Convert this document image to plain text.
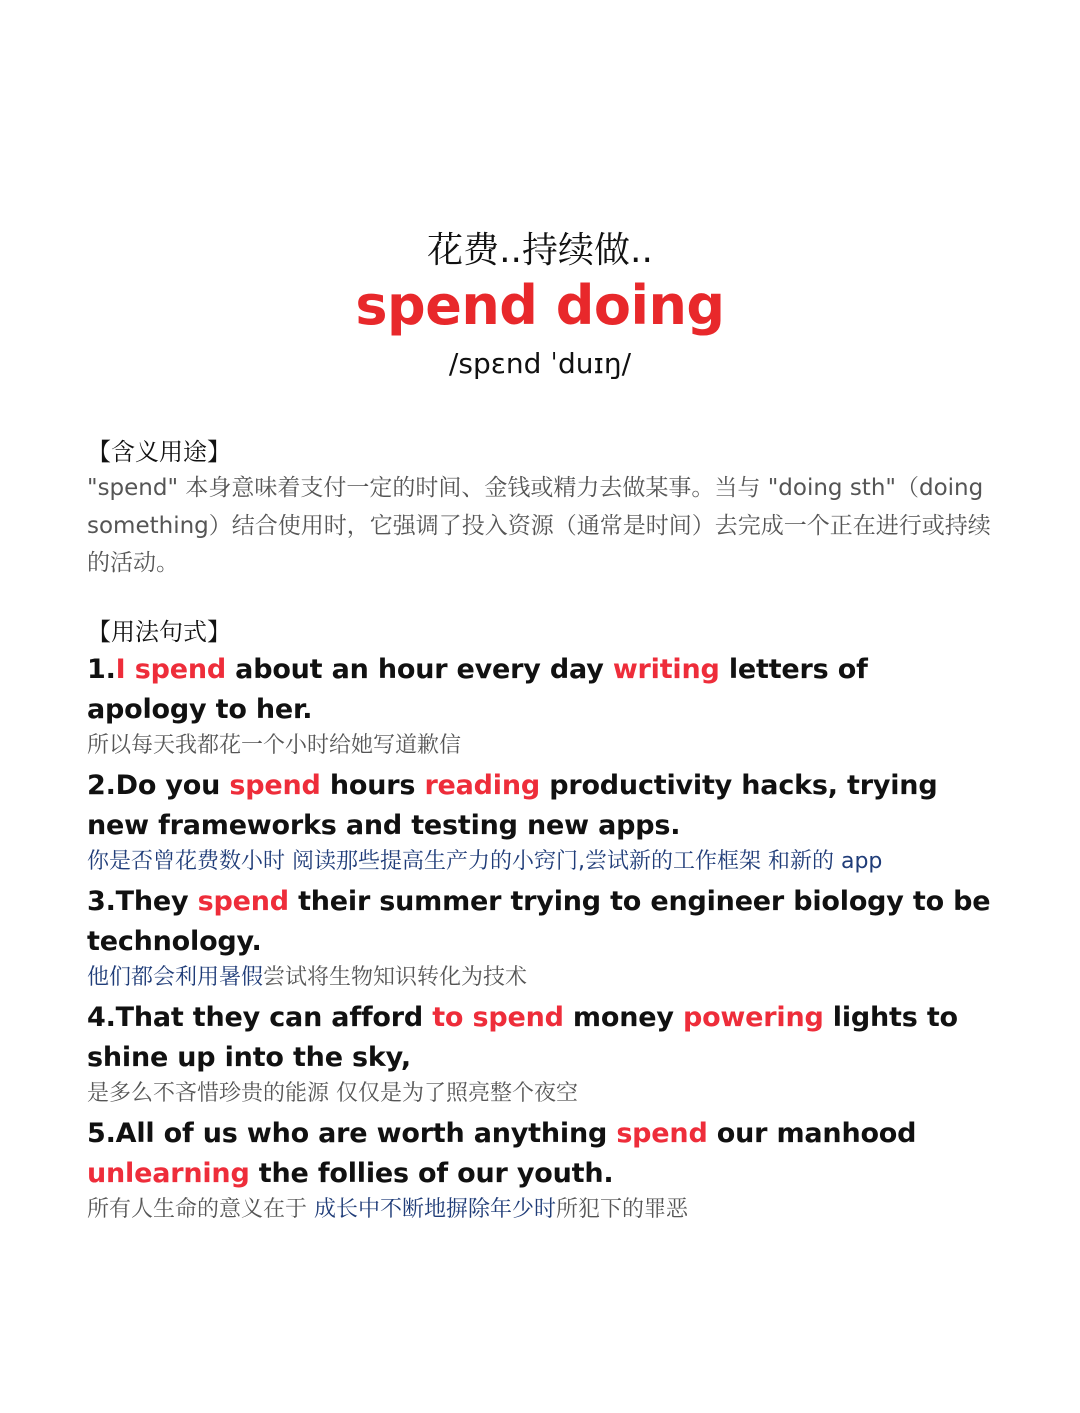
花费..持续做..
spend doing
/spɛnd ˈduɪŋ/
【含义用途】
"spend" 本身意味着支付一定的时间、金钱或精力去做某事。当与 "doing sth"（doing something）结合使用时，它强调了投入资源（通常是时间）去完成一个正在进行或持续的活动。
【用法句式】
1.I spend about an hour every day writing letters of apology to her.
所以每天我都花一个小时给她写道歉信
2.Do you spend hours reading productivity hacks, trying new frameworks and testing new apps.
你是否曾花费数小时 阅读那些提高生产力的小窍门,尝试新的工作框架 和新的 app
3.They spend their summer trying to engineer biology to be technology.
他们都会利用暑假尝试将生物知识转化为技术
4.That they can afford to spend money powering lights to shine up into the sky,
是多么不吝惜珍贵的能源 仅仅是为了照亮整个夜空
5.All of us who are worth anything spend our manhood unlearning the follies of our youth.
所有人生命的意义在于 成长中不断地摒除年少时所犯下的罪恶
